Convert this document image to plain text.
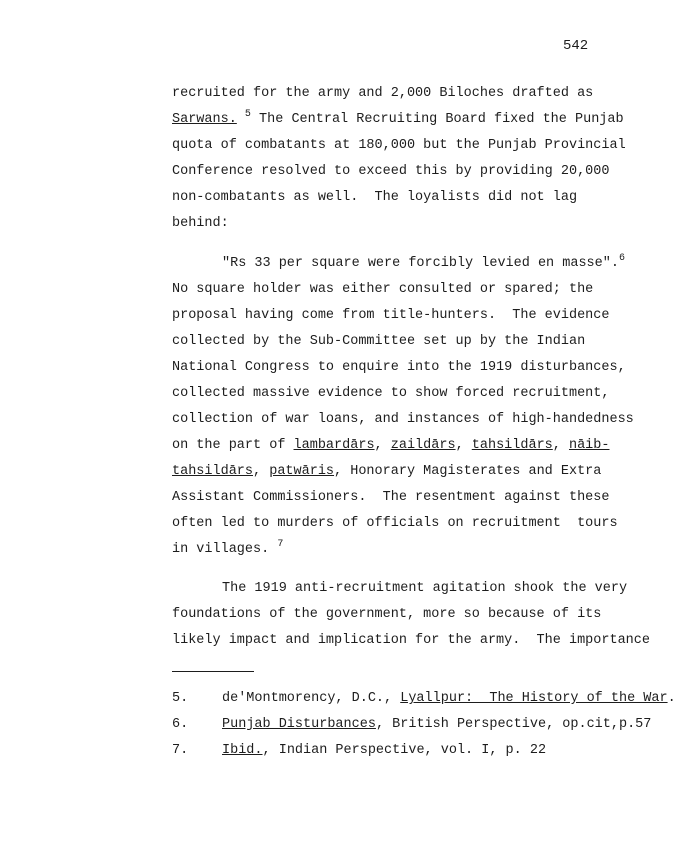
542
recruited for the army and 2,000 Biloches drafted as
Sarwans. $^5$ The Central Recruiting Board fixed the Punjab
quota of combatants at 180,000 but the Punjab Provincial
Conference resolved to exceed this by providing 20,000
non-combatants as well.  The loyalists did not lag
behind:
"Rs 33 per square were forcibly levied en masse".$^6$
No square holder was either consulted or spared; the
proposal having come from title-hunters.  The evidence
collected by the Sub-Committee set up by the Indian
National Congress to enquire into the 1919 disturbances,
collected massive evidence to show forced recruitment,
collection of war loans, and instances of high-handedness
on the part of lambardārs, zaildārs, tahsildārs, nāib-
tahsildārs, patwāris, Honorary Magisterates and Extra
Assistant Commissioners.  The resentment against these
often led to murders of officials on recruitment  tours
in villages. $^7$
The 1919 anti-recruitment agitation shook the very
foundations of the government, more so because of its
likely impact and implication for the army.  The importance
5.	de'Montmorency, D.C., Lyallpur:  The History of the War.
6.	Punjab Disturbances, British Perspective, op.cit,p.57
7.	Ibid., Indian Perspective, vol. I, p. 22
